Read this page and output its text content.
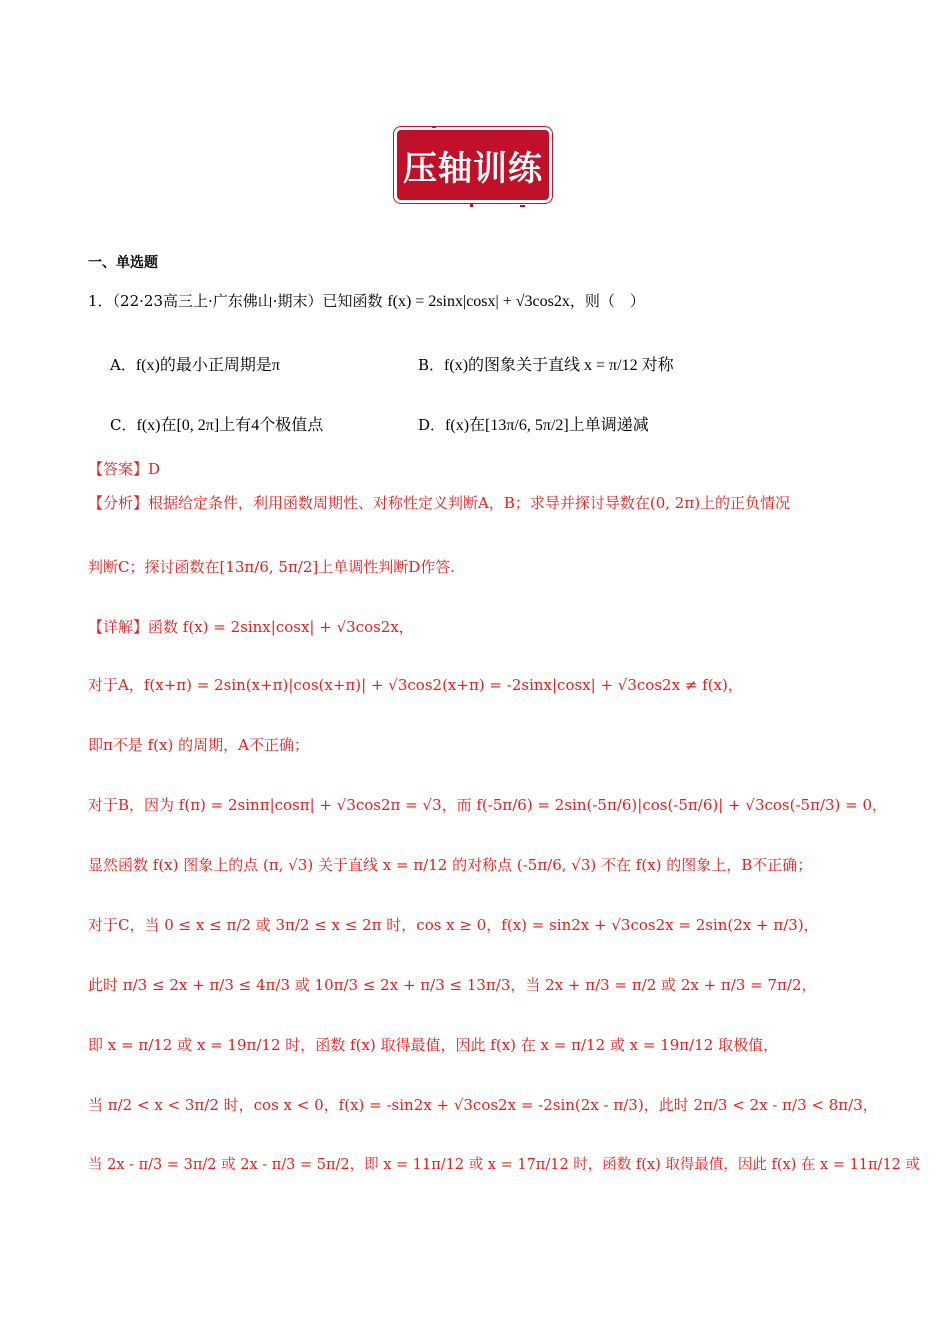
压轴训练
一、单选题
1．（22·23高三上·广东佛山·期末）已知函数 f(x) = 2sinx|cosx| + √3cos2x，则（　）
A．f(x)的最小正周期是π	B．f(x)的图象关于直线 x = π/12 对称
C．f(x)在[0, 2π]上有4个极值点	D．f(x)在[13π/6, 5π/2]上单调递减
【答案】D
【分析】根据给定条件，利用函数周期性、对称性定义判断A，B；求导并探讨导数在(0, 2π)上的正负情况
判断C；探讨函数在[13π/6, 5π/2]上单调性判断D作答.
【详解】函数 f(x) = 2sinx|cosx| + √3cos2x，
对于A，f(x+π) = 2sin(x+π)|cos(x+π)| + √3cos2(x+π) = -2sinx|cosx| + √3cos2x ≠ f(x)，
即π不是 f(x) 的周期，A不正确；
对于B，因为 f(π) = 2sinπ|cosπ| + √3cos2π = √3，而 f(-5π/6) = 2sin(-5π/6)|cos(-5π/6)| + √3cos(-5π/3) = 0，
显然函数 f(x) 图象上的点 (π, √3) 关于直线 x = π/12 的对称点 (-5π/6, √3) 不在 f(x) 的图象上，B不正确；
对于C，当 0 ≤ x ≤ π/2 或 3π/2 ≤ x ≤ 2π 时，cos x ≥ 0，f(x) = sin2x + √3cos2x = 2sin(2x + π/3)，
此时 π/3 ≤ 2x + π/3 ≤ 4π/3 或 10π/3 ≤ 2x + π/3 ≤ 13π/3，当 2x + π/3 = π/2 或 2x + π/3 = 7π/2，
即 x = π/12 或 x = 19π/12 时，函数 f(x) 取得最值，因此 f(x) 在 x = π/12 或 x = 19π/12 取极值，
当 π/2 < x < 3π/2 时，cos x < 0，f(x) = -sin2x + √3cos2x = -2sin(2x - π/3)，此时 2π/3 < 2x - π/3 < 8π/3，
当 2x - π/3 = 3π/2 或 2x - π/3 = 5π/2，即 x = 11π/12 或 x = 17π/12 时，函数 f(x) 取得最值，因此 f(x) 在 x = 11π/12 或
